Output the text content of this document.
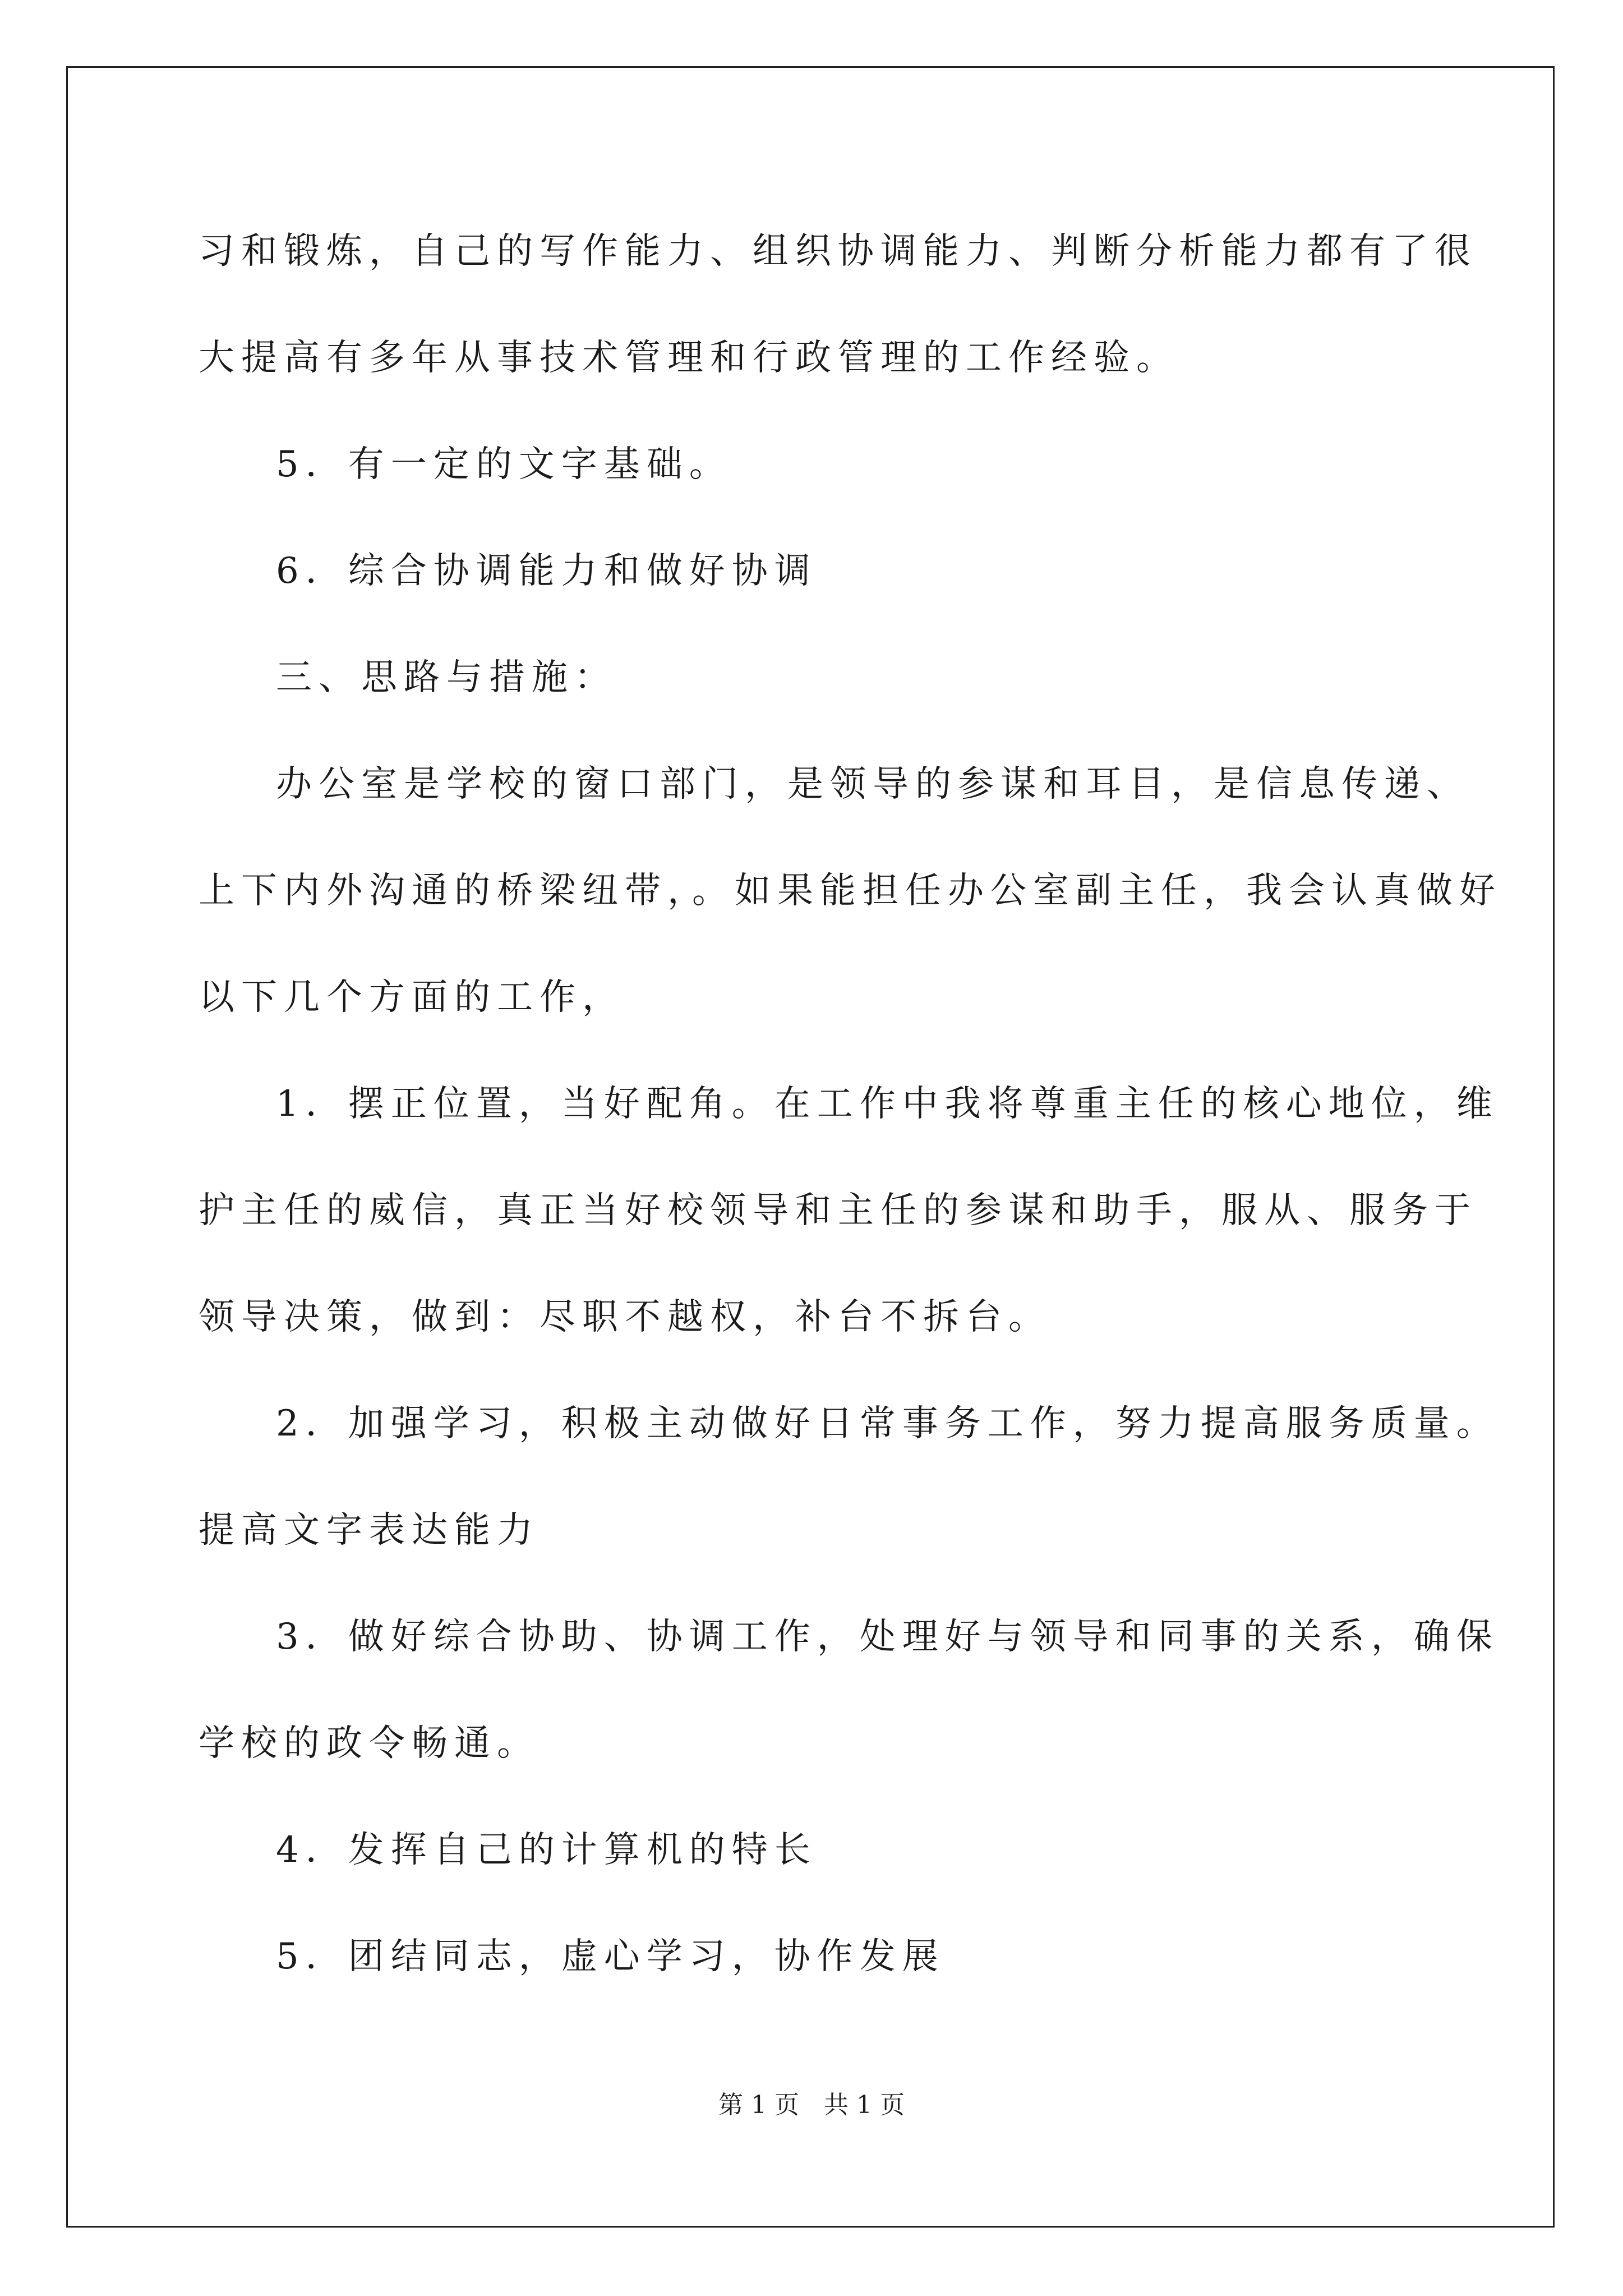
习和锻炼，自己的写作能力、组织协调能力、判断分析能力都有了很
大提高有多年从事技术管理和行政管理的工作经验。
5．有一定的文字基础。
6．综合协调能力和做好协调
三、思路与措施：
办公室是学校的窗口部门，是领导的参谋和耳目，是信息传递、
上下内外沟通的桥梁纽带，。如果能担任办公室副主任，我会认真做好
以下几个方面的工作，
1．摆正位置，当好配角。在工作中我将尊重主任的核心地位，维
护主任的威信，真正当好校领导和主任的参谋和助手，服从、服务于
领导决策，做到：尽职不越权，补台不拆台。
2．加强学习，积极主动做好日常事务工作，努力提高服务质量。
提高文字表达能力
3．做好综合协助、协调工作，处理好与领导和同事的关系，确保
学校的政令畅通。
4．发挥自己的计算机的特长
5．团结同志，虚心学习，协作发展
第 1 页　共 1 页
